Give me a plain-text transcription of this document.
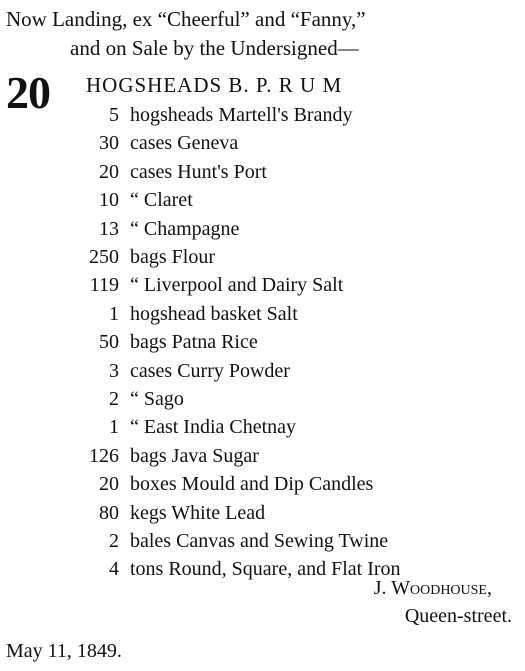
Now Landing, ex “Cheerful” and “Fanny,”
and on Sale by the Undersigned—
20 HOGSHEADS B. P. R U M
5 hogsheads Martell's Brandy
30 cases Geneva
20 cases Hunt's Port
10 “ Claret
13 “ Champagne
250 bags Flour
119 “ Liverpool and Dairy Salt
1 hogshead basket Salt
50 bags Patna Rice
3 cases Curry Powder
2 “ Sago
1 “ East India Chetnay
126 bags Java Sugar
20 boxes Mould and Dip Candles
80 kegs White Lead
2 bales Canvas and Sewing Twine
4 tons Round, Square, and Flat Iron
J. Woodhouse,
Queen-street.
May 11, 1849.
